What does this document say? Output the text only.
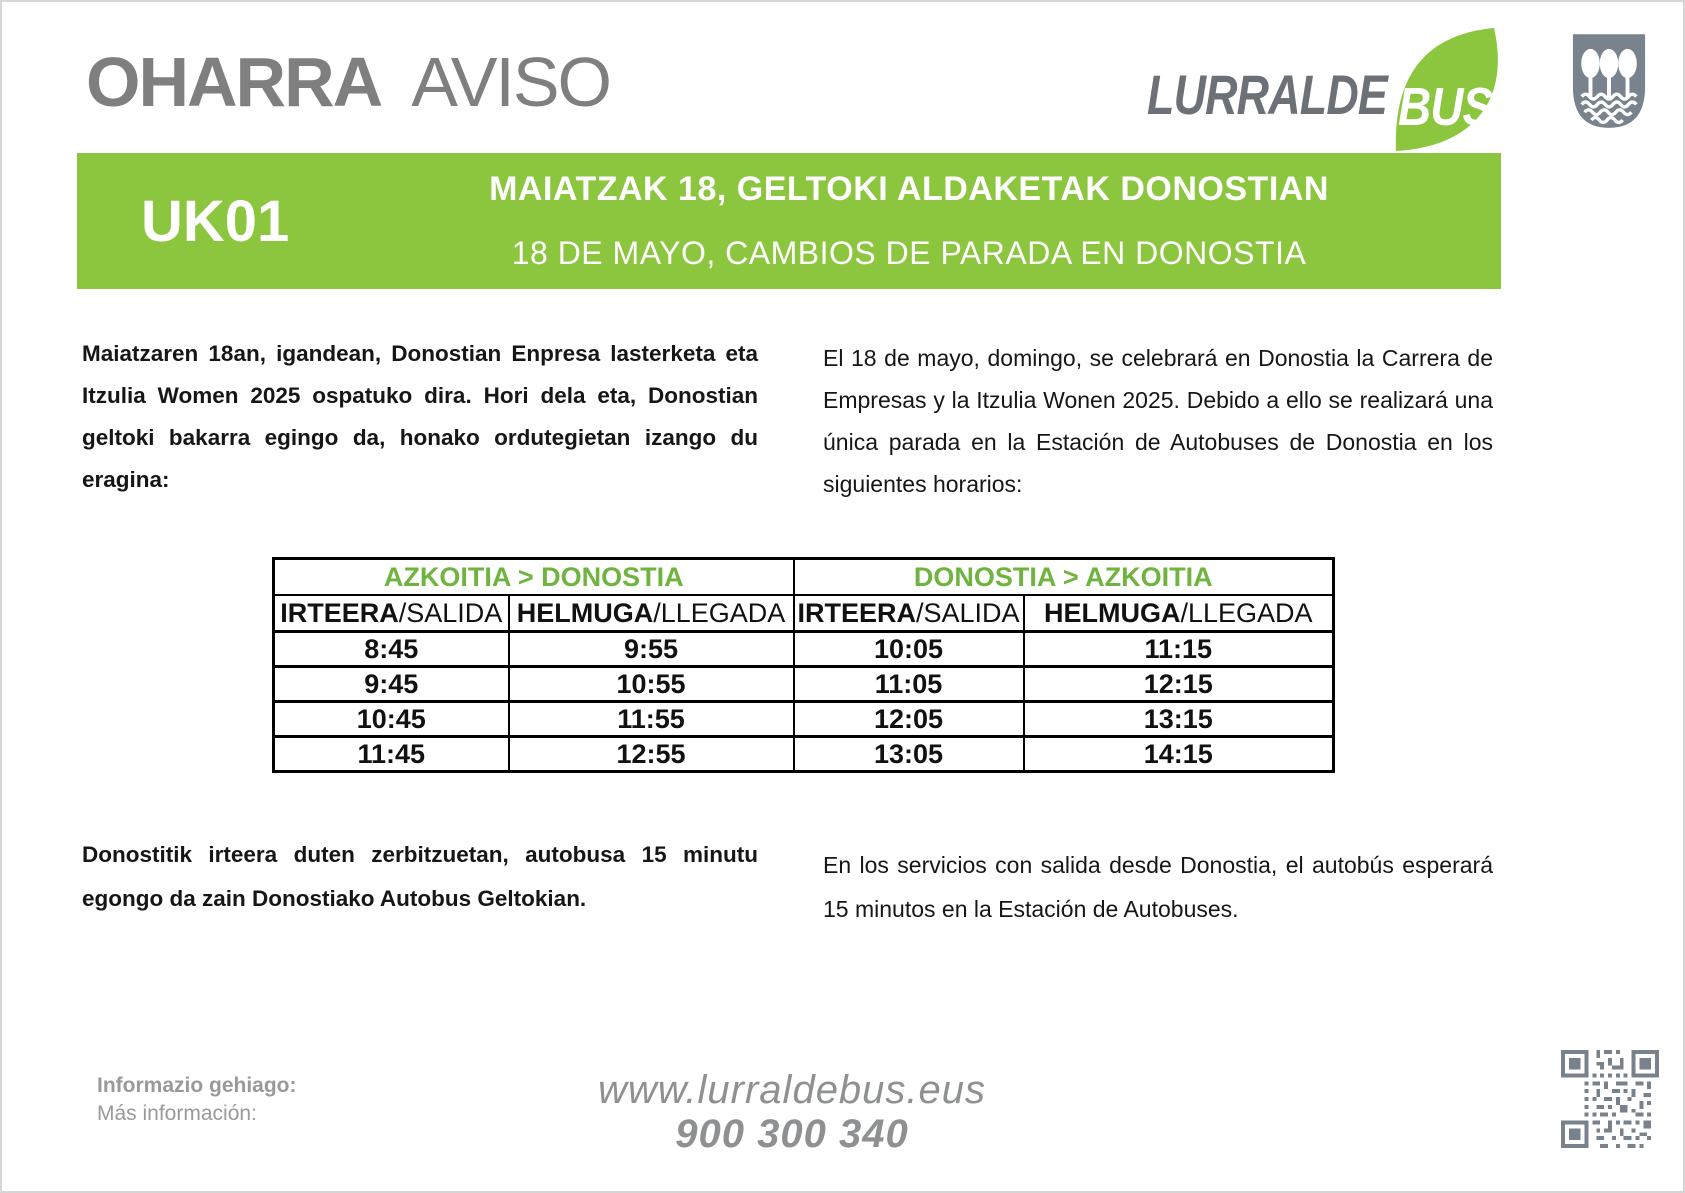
OHARRA AVISO	LURRALDE BUS
UK01	MAIATZAK 18, GELTOKI ALDAKETAK DONOSTIAN
18 DE MAYO, CAMBIOS DE PARADA EN DONOSTIA

Maiatzaren 18an, igandean, Donostian Enpresa lasterketa eta Itzulia Women 2025 ospatuko dira. Hori dela eta, Donostian geltoki bakarra egingo da, honako ordutegietan izango du eragina:

El 18 de mayo, domingo, se celebrará en Donostia la Carrera de Empresas y la Itzulia Wonen 2025. Debido a ello se realizará una única parada en la Estación de Autobuses de Donostia en los siguientes horarios:

AZKOITIA > DONOSTIA		DONOSTIA > AZKOITIA	
IRTEERA/SALIDA	HELMUGA/LLEGADA	IRTEERA/SALIDA	HELMUGA/LLEGADA
8:45	9:55	10:05	11:15
9:45	10:55	11:05	12:15
10:45	11:55	12:05	13:15
11:45	12:55	13:05	14:15

Donostitik irteera duten zerbitzuetan, autobusa 15 minutu egongo da zain Donostiako Autobus Geltokian.

En los servicios con salida desde Donostia, el autobús esperará 15 minutos en la Estación de Autobuses.

Informazio gehiago:
Más información:
www.lurraldebus.eus
900 300 340
